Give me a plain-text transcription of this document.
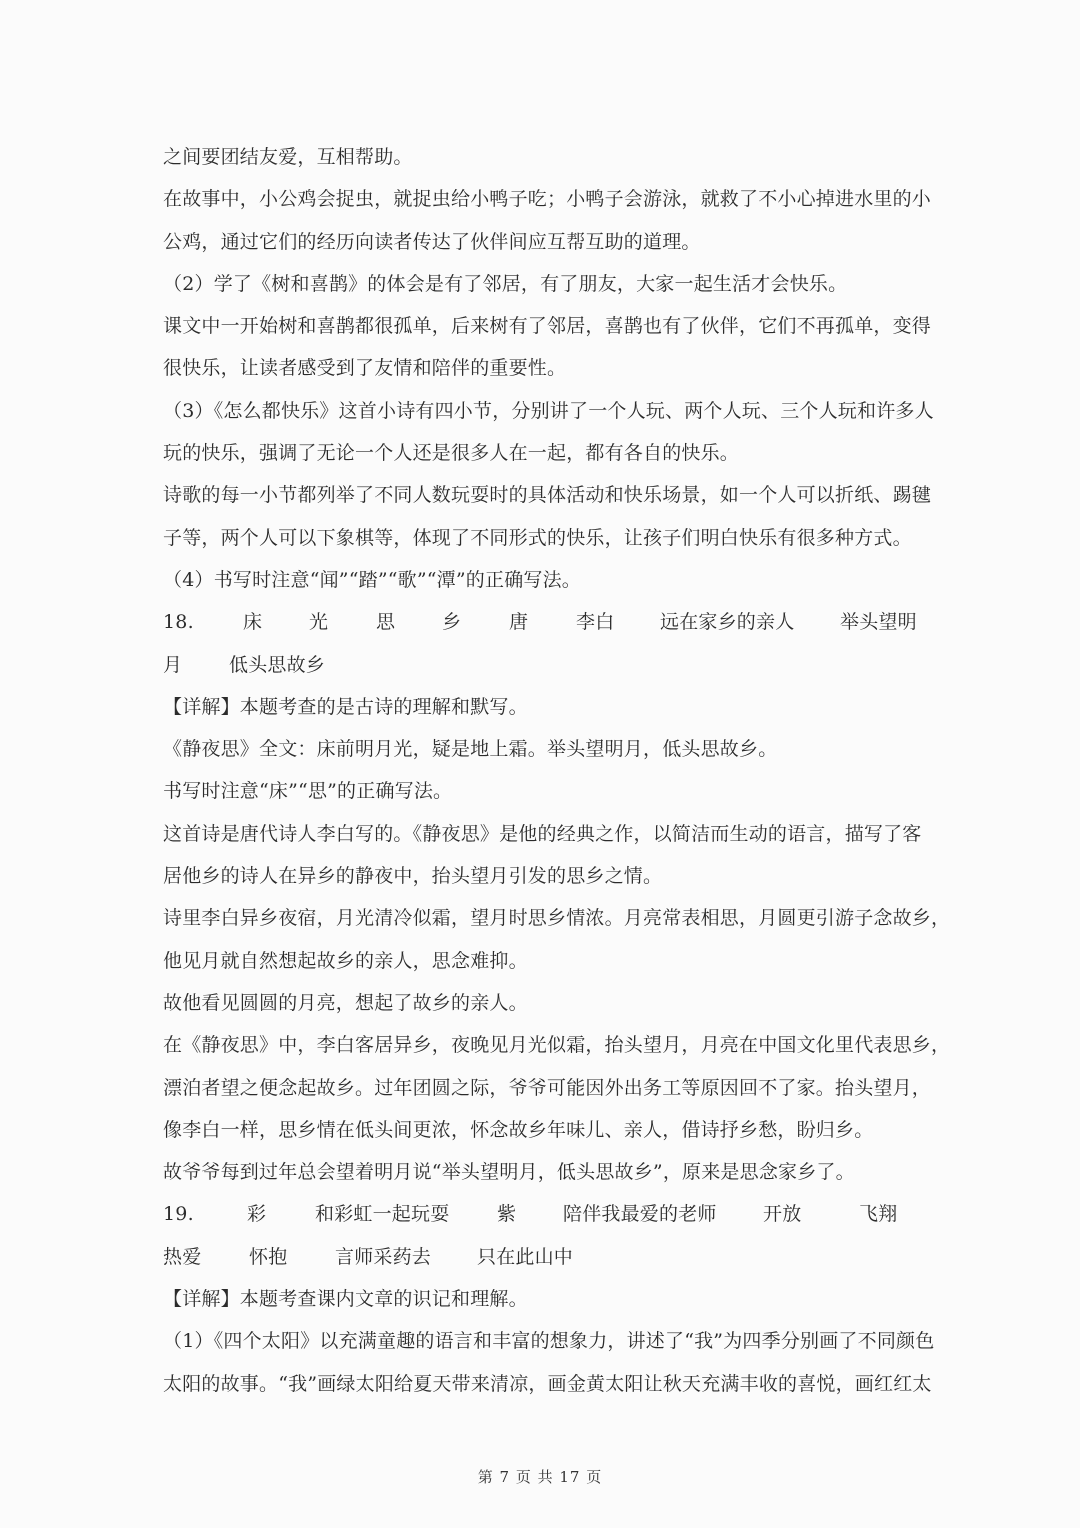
之间要团结友爱，互相帮助。
在故事中，小公鸡会捉虫，就捉虫给小鸭子吃；小鸭子会游泳，就救了不小心掉进水里的小
公鸡，通过它们的经历向读者传达了伙伴间应互帮互助的道理。
（2）学了《树和喜鹊》的体会是有了邻居，有了朋友，大家一起生活才会快乐。
课文中一开始树和喜鹊都很孤单，后来树有了邻居，喜鹊也有了伙伴，它们不再孤单，变得
很快乐，让读者感受到了友情和陪伴的重要性。
（3）《怎么都快乐》这首小诗有四小节，分别讲了一个人玩、两个人玩、三个人玩和许多人
玩的快乐，强调了无论一个人还是很多人在一起，都有各自的快乐。
诗歌的每一小节都列举了不同人数玩耍时的具体活动和快乐场景，如一个人可以折纸、踢毽
子等，两个人可以下象棋等，体现了不同形式的快乐，让孩子们明白快乐有很多种方式。
（4）书写时注意“闻”“踏”“歌”“潭”的正确写法。
18.	床	光	思	乡	唐	李白	远在家乡的亲人	举头望明
月	低头思故乡
【详解】本题考查的是古诗的理解和默写。
《静夜思》全文：床前明月光，疑是地上霜。举头望明月，低头思故乡。
书写时注意“床”“思”的正确写法。
这首诗是唐代诗人李白写的。《静夜思》是他的经典之作，以简洁而生动的语言，描写了客
居他乡的诗人在异乡的静夜中，抬头望月引发的思乡之情。
诗里李白异乡夜宿，月光清冷似霜，望月时思乡情浓。月亮常表相思，月圆更引游子念故乡，
他见月就自然想起故乡的亲人，思念难抑。
故他看见圆圆的月亮，想起了故乡的亲人。
在《静夜思》中，李白客居异乡，夜晚见月光似霜，抬头望月，月亮在中国文化里代表思乡，
漂泊者望之便念起故乡。过年团圆之际，爷爷可能因外出务工等原因回不了家。抬头望月，
像李白一样，思乡情在低头间更浓，怀念故乡年味儿、亲人，借诗抒乡愁，盼归乡。
故爷爷每到过年总会望着明月说“举头望明月，低头思故乡”，原来是思念家乡了。
19.	彩	和彩虹一起玩耍	紫	陪伴我最爱的老师	开放	飞翔
热爱	怀抱	言师采药去	只在此山中
【详解】本题考查课内文章的识记和理解。
（1）《四个太阳》以充满童趣的语言和丰富的想象力，讲述了“我”为四季分别画了不同颜色
太阳的故事。“我”画绿太阳给夏天带来清凉，画金黄太阳让秋天充满丰收的喜悦，画红红太
第 7 页 共 17 页
